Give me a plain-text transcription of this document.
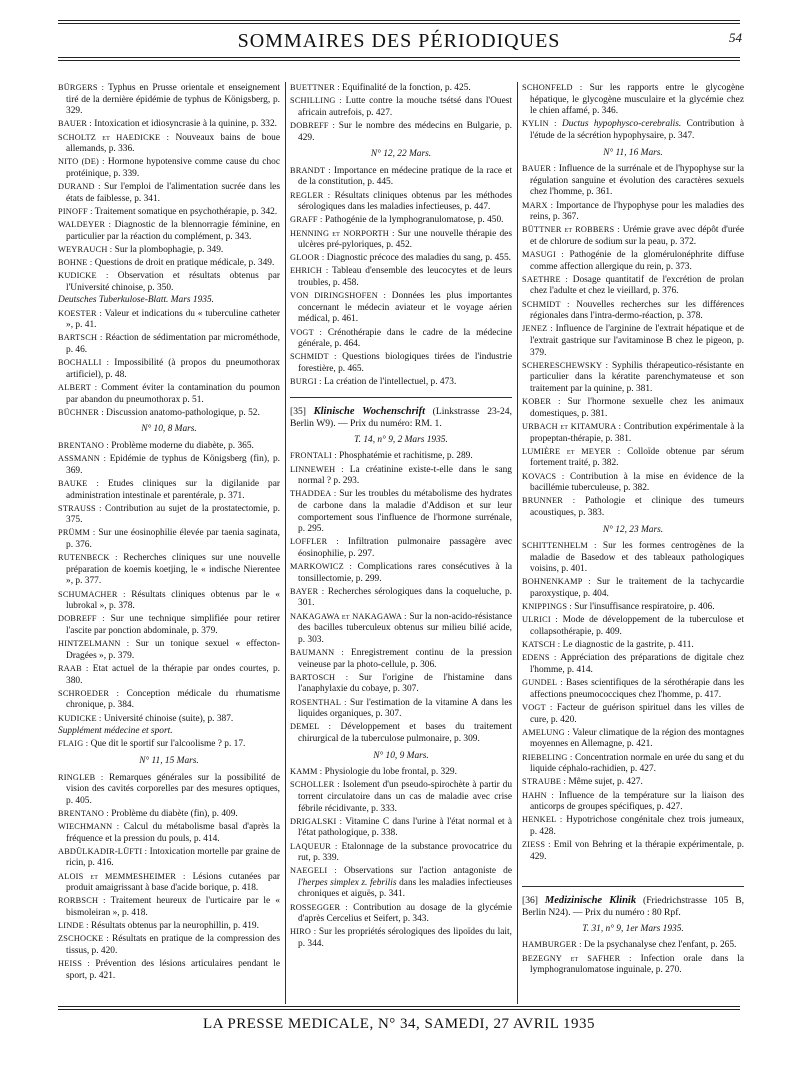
SOMMAIRES DES PÉRIODIQUES	54
BÜRGERS : Typhus en Prusse orientale et enseignement tiré de la dernière épidémie de typhus de Königsberg, p. 329.
BAUER : Intoxication et idiosyncrasie à la quinine, p. 332.
SCHOLTZ et HAEDICKE : Nouveaux bains de boue allemands, p. 336.
NITO (DE) : Hormone hypotensive comme cause du choc protéinique, p. 339.
DURAND : Sur l'emploi de l'alimentation sucrée dans les états de faiblesse, p. 341.
PINOFF : Traitement somatique en psychothérapie, p. 342.
WALDEYER : Diagnostic de la blennorragie féminine, en particulier par la réaction du complément, p. 343.
WEYRAUCH : Sur la plombophagie, p. 349.
BOHNE : Questions de droit en pratique médicale, p. 349.
KUDICKE : Observation et résultats obtenus par l'Université chinoise, p. 350.
Deutsches Tuberkulose-Blatt. Mars 1935.
KOESTER : Valeur et indications du « tuberculine catheter », p. 41.
BARTSCH : Réaction de sédimentation par microméthode, p. 46.
BOCHALLI : Impossibilité (à propos du pneumothorax artificiel), p. 48.
ALBERT : Comment éviter la contamination du poumon par abandon du pneumothorax p. 51.
BÜCHNER : Discussion anatomo-pathologique, p. 52.
N° 10, 8 Mars.
BRENTANO : Problème moderne du diabète, p. 365.
ASSMANN : Epidémie de typhus de Königsberg (fin), p. 369.
BAUKE : Etudes cliniques sur la digilanide par administration intestinale et parentérale, p. 371.
STRAUSS : Contribution au sujet de la prostatectomie, p. 375.
PRÜMM : Sur une éosinophilie élevée par taenia saginata, p. 376.
RUTENBECK : Recherches cliniques sur une nouvelle préparation de koemis koetjing, le « indische Nierentee », p. 377.
SCHUMACHER : Résultats cliniques obtenus par le « lubrokal », p. 378.
DOBREFF : Sur une technique simplifiée pour retirer l'ascite par ponction abdominale, p. 379.
HINTZELMANN : Sur un tonique sexuel « effecton-Dragées », p. 379.
RAAB : Etat actuel de la thérapie par ondes courtes, p. 380.
SCHROEDER : Conception médicale du rhumatisme chronique, p. 384.
KUDICKE : Université chinoise (suite), p. 387.
Supplément médecine et sport.
FLAIG : Que dit le sportif sur l'alcoolisme ? p. 17.
N° 11, 15 Mars.
RINGLEB : Remarques générales sur la possibilité de vision des cavités corporelles par des mesures optiques, p. 405.
BRENTANO : Problème du diabète (fin), p. 409.
WIECHMANN : Calcul du métabolisme basal d'après la fréquence et la pression du pouls, p. 414.
ABDÜLKADIR-LÜFTI : Intoxication mortelle par graine de ricin, p. 416.
ALOIS et MEMMESHEIMER : Lésions cutanées par produit amaigrissant à base d'acide borique, p. 418.
RORBSCH : Traitement heureux de l'urticaire par le « bismoleiran », p. 418.
LINDE : Résultats obtenus par la neurophillin, p. 419.
ZSCHOCKE : Résultats en pratique de la compression des tissus, p. 420.
HEISS : Prévention des lésions articulaires pendant le sport, p. 421.
BUETTNER : Equifinalité de la fonction, p. 425.
SCHILLING : Lutte contre la mouche tsétsé dans l'Ouest africain autrefois, p. 427.
DOBREFF : Sur le nombre des médecins en Bulgarie, p. 429.
N° 12, 22 Mars.
BRANDT : Importance en médecine pratique de la race et de la constitution, p. 445.
REGLER : Résultats cliniques obtenus par les méthodes sérologiques dans les maladies infectieuses, p. 447.
GRAFF : Pathogénie de la lymphogranulomatose, p. 450.
HENNING et NORPORTH : Sur une nouvelle thérapie des ulcères pré-pyloriques, p. 452.
GLOOR : Diagnostic précoce des maladies du sang, p. 455.
EHRICH : Tableau d'ensemble des leucocytes et de leurs troubles, p. 458.
VON DIRINGSHOFEN : Données les plus importantes concernant le médecin aviateur et le voyage aérien médical, p. 461.
VOGT : Crénothérapie dans le cadre de la médecine générale, p. 464.
SCHMIDT : Questions biologiques tirées de l'industrie forestière, p. 465.
BURGI : La création de l'intellectuel, p. 473.
[35] Klinische Wochenschrift (Linkstrasse 23-24, Berlin W9). — Prix du numéro: RM. 1.
T. 14, n° 9, 2 Mars 1935.
FRONTALI : Phosphatémie et rachitisme, p. 289.
LINNEWEH : La créatinine existe-t-elle dans le sang normal ? p. 293.
THADDEA : Sur les troubles du métabolisme des hydrates de carbone dans la maladie d'Addison et sur leur comportement sous l'influence de l'hormone surrénale, p. 295.
LOFFLER : Infiltration pulmonaire passagère avec éosinophilie, p. 297.
MARKOWICZ : Complications rares consécutives à la tonsillectomie, p. 299.
BAYER : Recherches sérologiques dans la coqueluche, p. 301.
NAKAGAWA et NAKAGAWA : Sur la non-acido-résistance des bacilles tuberculeux obtenus sur milieu bilié acide, p. 303.
BAUMANN : Enregistrement continu de la pression veineuse par la photo-cellule, p. 306.
BARTOSCH : Sur l'origine de l'histamine dans l'anaphylaxie du cobaye, p. 307.
ROSENTHAL : Sur l'estimation de la vitamine A dans les liquides organiques, p. 307.
DEMEL : Développement et bases du traitement chirurgical de la tuberculose pulmonaire, p. 309.
N° 10, 9 Mars.
KAMM : Physiologie du lobe frontal, p. 329.
SCHOLLER : Isolement d'un pseudo-spirochète à partir du torrent circulatoire dans un cas de maladie avec crise fébrile récidivante, p. 333.
DRIGALSKI : Vitamine C dans l'urine à l'état normal et à l'état pathologique, p. 338.
LAQUEUR : Etalonnage de la substance provocatrice du rut, p. 339.
NAEGELI : Observations sur l'action antagoniste de l'herpes simplex z. febrilis dans les maladies infectieuses chroniques et aiguës, p. 341.
ROSSEGGER : Contribution au dosage de la glycémie d'après Cercelius et Seifert, p. 343.
HIRO : Sur les propriétés sérologiques des lipoïdes du lait, p. 344.
SCHONFELD : Sur les rapports entre le glycogène hépatique, le glycogène musculaire et la glycémie chez le chien affamé, p. 346.
KYLIN : Ductus hypophysco-cerebralis. Contribution à l'étude de la sécrétion hypophysaire, p. 347.
N° 11, 16 Mars.
BAUER : Influence de la surrénale et de l'hypophyse sur la régulation sanguine et évolution des caractères sexuels chez l'homme, p. 361.
MARX : Importance de l'hypophyse pour les maladies des reins, p. 367.
BÜTTNER et ROBBERS : Urémie grave avec dépôt d'urée et de chlorure de sodium sur la peau, p. 372.
MASUGI : Pathogénie de la glomérulonéphrite diffuse comme affection allergique du rein, p. 373.
SAETHRE : Dosage quantitatif de l'excrétion de prolan chez l'adulte et chez le vieillard, p. 376.
SCHMIDT : Nouvelles recherches sur les différences régionales dans l'intra-dermo-réaction, p. 378.
JENEZ : Influence de l'arginine de l'extrait hépatique et de l'extrait gastrique sur l'avitaminose B chez le pigeon, p. 379.
SCHERESCHEWSKY : Syphilis thérapeutico-résistante en particulier dans la kératite parenchymateuse et son traitement par la quinine, p. 381.
KOBER : Sur l'hormone sexuelle chez les animaux domestiques, p. 381.
URBACH et KITAMURA : Contribution expérimentale à la propeptan-thérapie, p. 381.
LUMIÈRE et MEYER : Colloïde obtenue par sérum fortement traité, p. 382.
KOVACS : Contribution à la mise en évidence de la bacillémie tuberculeuse, p. 382.
BRUNNER : Pathologie et clinique des tumeurs acoustiques, p. 383.
N° 12, 23 Mars.
SCHITTENHELM : Sur les formes centrogènes de la maladie de Basedow et des tableaux pathologiques voisins, p. 401.
BOHNENKAMP : Sur le traitement de la tachycardie paroxystique, p. 404.
KNIPPINGS : Sur l'insuffisance respiratoire, p. 406.
ULRICI : Mode de développement de la tuberculose et collapsothérapie, p. 409.
KATSCH : Le diagnostic de la gastrite, p. 411.
EDENS : Appréciation des préparations de digitale chez l'homme, p. 414.
GUNDEL : Bases scientifiques de la sérothérapie dans les affections pneumococciques chez l'homme, p. 417.
VOGT : Facteur de guérison spirituel dans les villes de cure, p. 420.
AMELUNG : Valeur climatique de la région des montagnes moyennes en Allemagne, p. 421.
RIEBELING : Concentration normale en urée du sang et du liquide céphalo-rachidien, p. 427.
STRAUBE : Même sujet, p. 427.
HAHN : Influence de la température sur la liaison des anticorps de groupes spécifiques, p. 427.
HENKEL : Hypotrichose congénitale chez trois jumeaux, p. 428.
ZIESS : Emil von Behring et la thérapie expérimentale, p. 429.
[36] Medizinische Klinik (Friedrichstrasse 105 B, Berlin N24). — Prix du numéro : 80 Rpf.
T. 31, n° 9, 1er Mars 1935.
HAMBURGER : De la psychanalyse chez l'enfant, p. 265.
BEZEGNY et SAFHER : Infection orale dans la lymphogranulomatose inguinale, p. 270.
LA PRESSE MEDICALE, N° 34, SAMEDI, 27 AVRIL 1935
